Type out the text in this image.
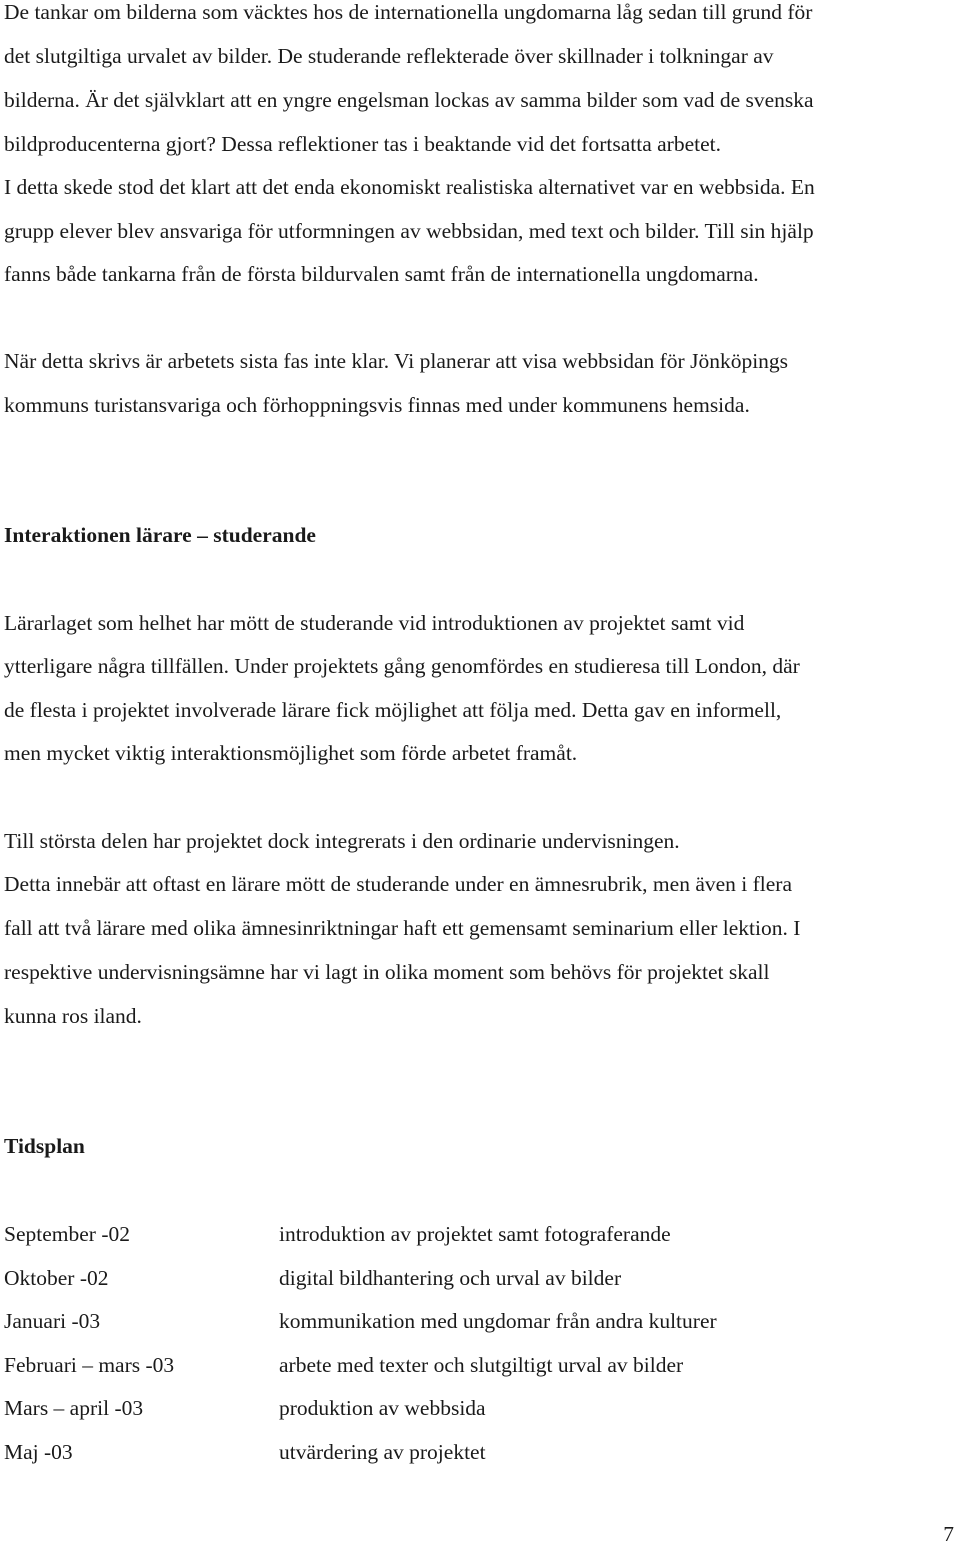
De tankar om bilderna som väcktes hos de internationella ungdomarna låg sedan till grund för
det slutgiltiga urvalet av bilder. De studerande reflekterade över skillnader i tolkningar av
bilderna. Är det självklart att en yngre engelsman lockas av samma bilder som vad de svenska
bildproducenterna gjort? Dessa reflektioner tas i beaktande vid det fortsatta arbetet.
I detta skede stod det klart att det enda ekonomiskt realistiska alternativet var en webbsida. En
grupp elever blev ansvariga för utformningen av webbsidan, med text och bilder. Till sin hjälp
fanns både tankarna från de första bildurvalen samt från de internationella ungdomarna.
När detta skrivs är arbetets sista fas inte klar. Vi planerar att visa webbsidan för Jönköpings
kommuns turistansvariga och förhoppningsvis finnas med under kommunens hemsida.
Interaktionen lärare – studerande
Lärarlaget som helhet har mött de studerande vid introduktionen av projektet samt vid
ytterligare några tillfällen. Under projektets gång genomfördes en studieresa till London, där
de flesta i projektet involverade lärare fick möjlighet att följa med. Detta gav en informell,
men mycket viktig interaktionsmöjlighet som förde arbetet framåt.
Till största delen har projektet dock integrerats i den ordinarie undervisningen.
Detta innebär att oftast en lärare mött de studerande under en ämnesrubrik, men även i flera
fall att två lärare med olika ämnesinriktningar haft ett gemensamt seminarium eller lektion. I
respektive undervisningsämne har vi lagt in olika moment som behövs för projektet skall
kunna ros iland.
Tidsplan
September -02	introduktion av projektet samt fotograferande
Oktober -02	digital bildhantering och urval av bilder
Januari -03	kommunikation med ungdomar från andra kulturer
Februari – mars -03	arbete med texter och slutgiltigt urval av bilder
Mars – april -03	produktion av webbsida
Maj -03	utvärdering av projektet
7
